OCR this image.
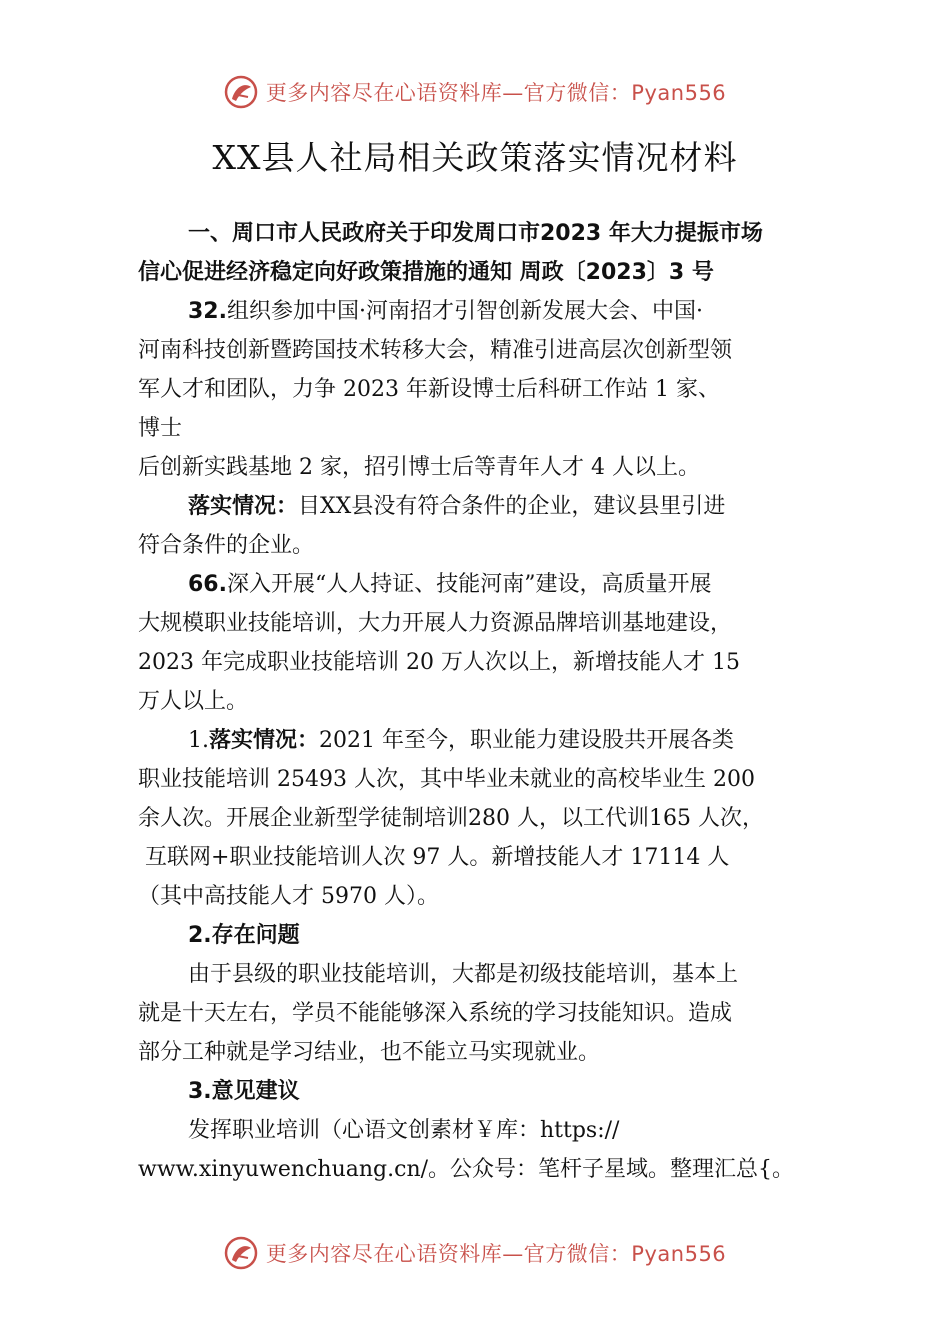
更多内容尽在心语资料库—官方微信：Pyan556
XX县人社局相关政策落实情况材料

一、周口市人民政府关于印发周口市2023 年大力提振市场

信心促进经济稳定向好政策措施的通知 周政〔2023〕3 号

32.组织参加中国·河南招才引智创新发展大会、中国·

河南科技创新暨跨国技术转移大会，精准引进高层次创新型领

军人才和团队，力争 2023 年新设博士后科研工作站 1 家、

博士

后创新实践基地 2 家，招引博士后等青年人才 4 人以上。

落实情况：目XX县没有符合条件的企业，建议县里引进

符合条件的企业。

66.深入开展“人人持证、技能河南”建设，高质量开展

大规模职业技能培训，大力开展人力资源品牌培训基地建设，

2023 年完成职业技能培训 20 万人次以上，新增技能人才 15

万人以上。

1.落实情况：2021 年至今，职业能力建设股共开展各类

职业技能培训 25493 人次，其中毕业未就业的高校毕业生 200

余人次。开展企业新型学徒制培训280 人，以工代训165 人次，

互联网+职业技能培训人次 97 人。新增技能人才 17114 人

（其中高技能人才 5970 人）。

2.存在问题

由于县级的职业技能培训，大都是初级技能培训，基本上

就是十天左右，学员不能能够深入系统的学习技能知识。造成

部分工种就是学习结业，也不能立马实现就业。

3.意见建议

发挥职业培训（心语文创素材￥库：https://

www.xinyuwenchuang.cn/。公众号：笔杆子星域。整理汇总{。

更多内容尽在心语资料库—官方微信：Pyan556
